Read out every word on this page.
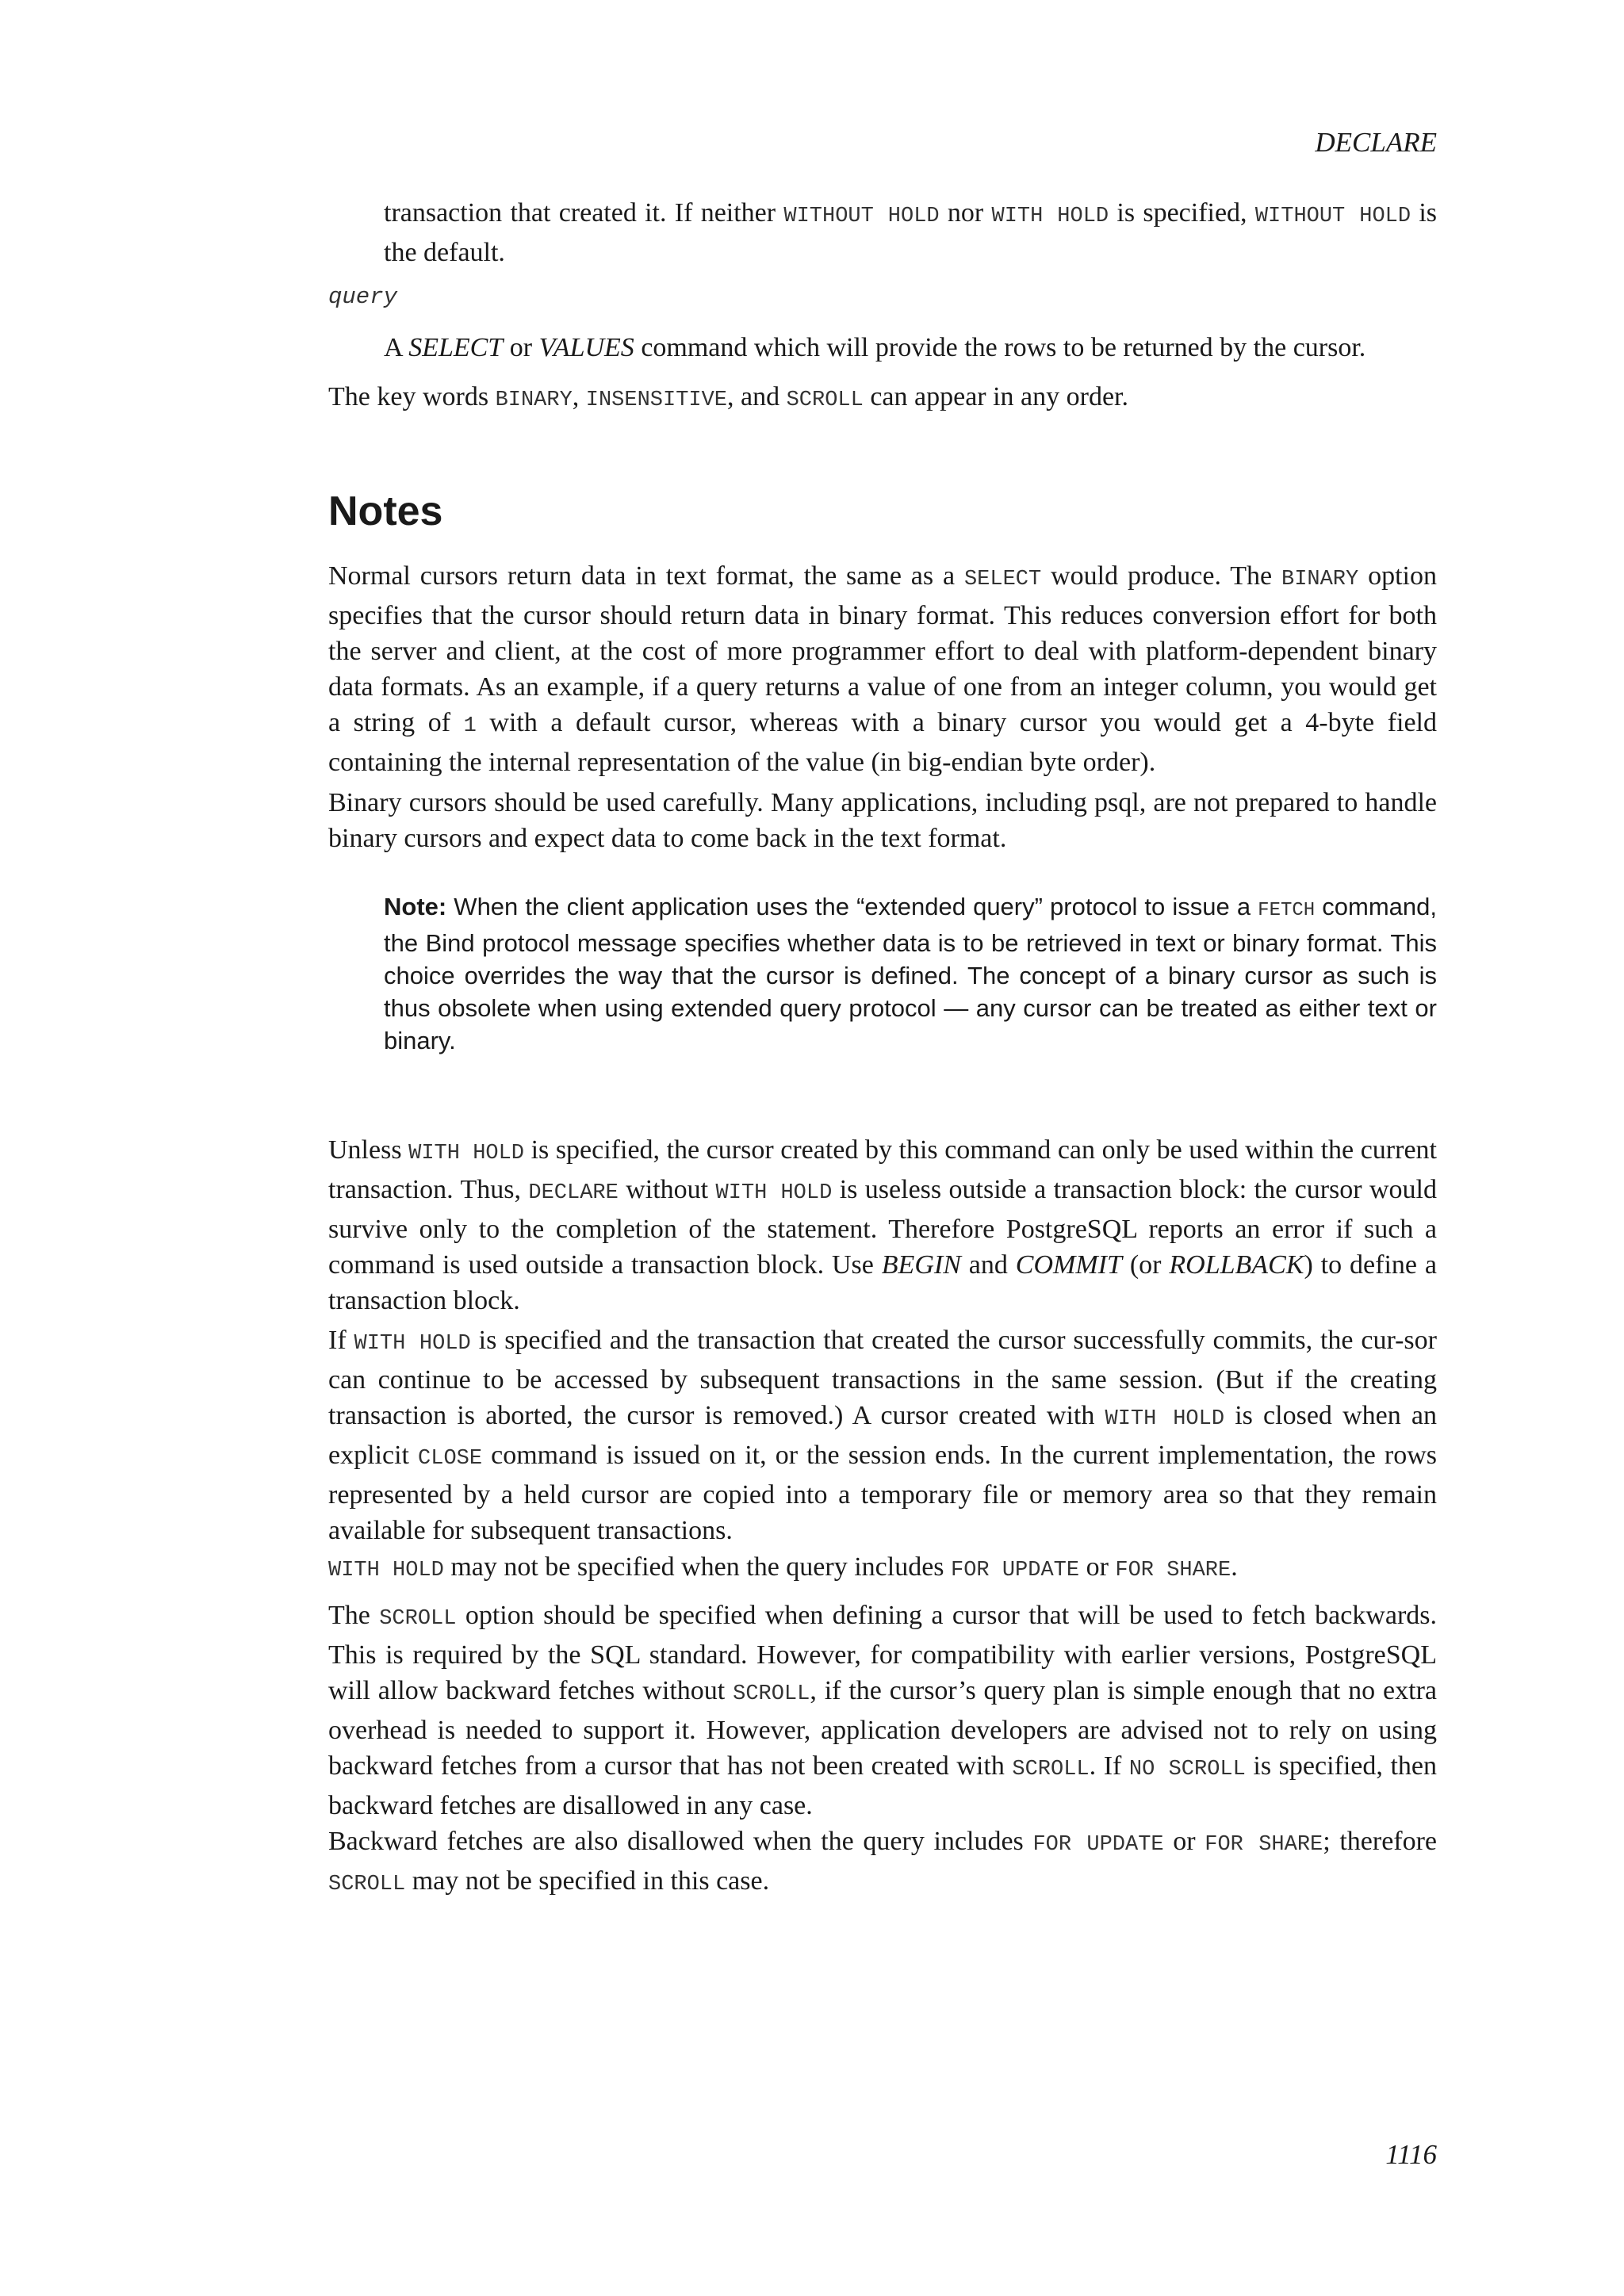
DECLARE

transaction that created it. If neither WITHOUT HOLD nor WITH HOLD is specified, WITHOUT HOLD is the default.

query

A SELECT or VALUES command which will provide the rows to be returned by the cursor.

The key words BINARY, INSENSITIVE, and SCROLL can appear in any order.

Notes

Normal cursors return data in text format, the same as a SELECT would produce. The BINARY option specifies that the cursor should return data in binary format. This reduces conversion effort for both the server and client, at the cost of more programmer effort to deal with platform-dependent binary data formats. As an example, if a query returns a value of one from an integer column, you would get a string of 1 with a default cursor, whereas with a binary cursor you would get a 4-byte field containing the internal representation of the value (in big-endian byte order).

Binary cursors should be used carefully. Many applications, including psql, are not prepared to handle binary cursors and expect data to come back in the text format.

Note: When the client application uses the “extended query” protocol to issue a FETCH command, the Bind protocol message specifies whether data is to be retrieved in text or binary format. This choice overrides the way that the cursor is defined. The concept of a binary cursor as such is thus obsolete when using extended query protocol — any cursor can be treated as either text or binary.

Unless WITH HOLD is specified, the cursor created by this command can only be used within the current transaction. Thus, DECLARE without WITH HOLD is useless outside a transaction block: the cursor would survive only to the completion of the statement. Therefore PostgreSQL reports an error if such a command is used outside a transaction block. Use BEGIN and COMMIT (or ROLLBACK) to define a transaction block.

If WITH HOLD is specified and the transaction that created the cursor successfully commits, the cur-sor can continue to be accessed by subsequent transactions in the same session. (But if the creating transaction is aborted, the cursor is removed.) A cursor created with WITH HOLD is closed when an explicit CLOSE command is issued on it, or the session ends. In the current implementation, the rows represented by a held cursor are copied into a temporary file or memory area so that they remain available for subsequent transactions.

WITH HOLD may not be specified when the query includes FOR UPDATE or FOR SHARE.

The SCROLL option should be specified when defining a cursor that will be used to fetch backwards. This is required by the SQL standard. However, for compatibility with earlier versions, PostgreSQL will allow backward fetches without SCROLL, if the cursor’s query plan is simple enough that no extra overhead is needed to support it. However, application developers are advised not to rely on using backward fetches from a cursor that has not been created with SCROLL. If NO SCROLL is specified, then backward fetches are disallowed in any case.

Backward fetches are also disallowed when the query includes FOR UPDATE or FOR SHARE; therefore SCROLL may not be specified in this case.

1116
